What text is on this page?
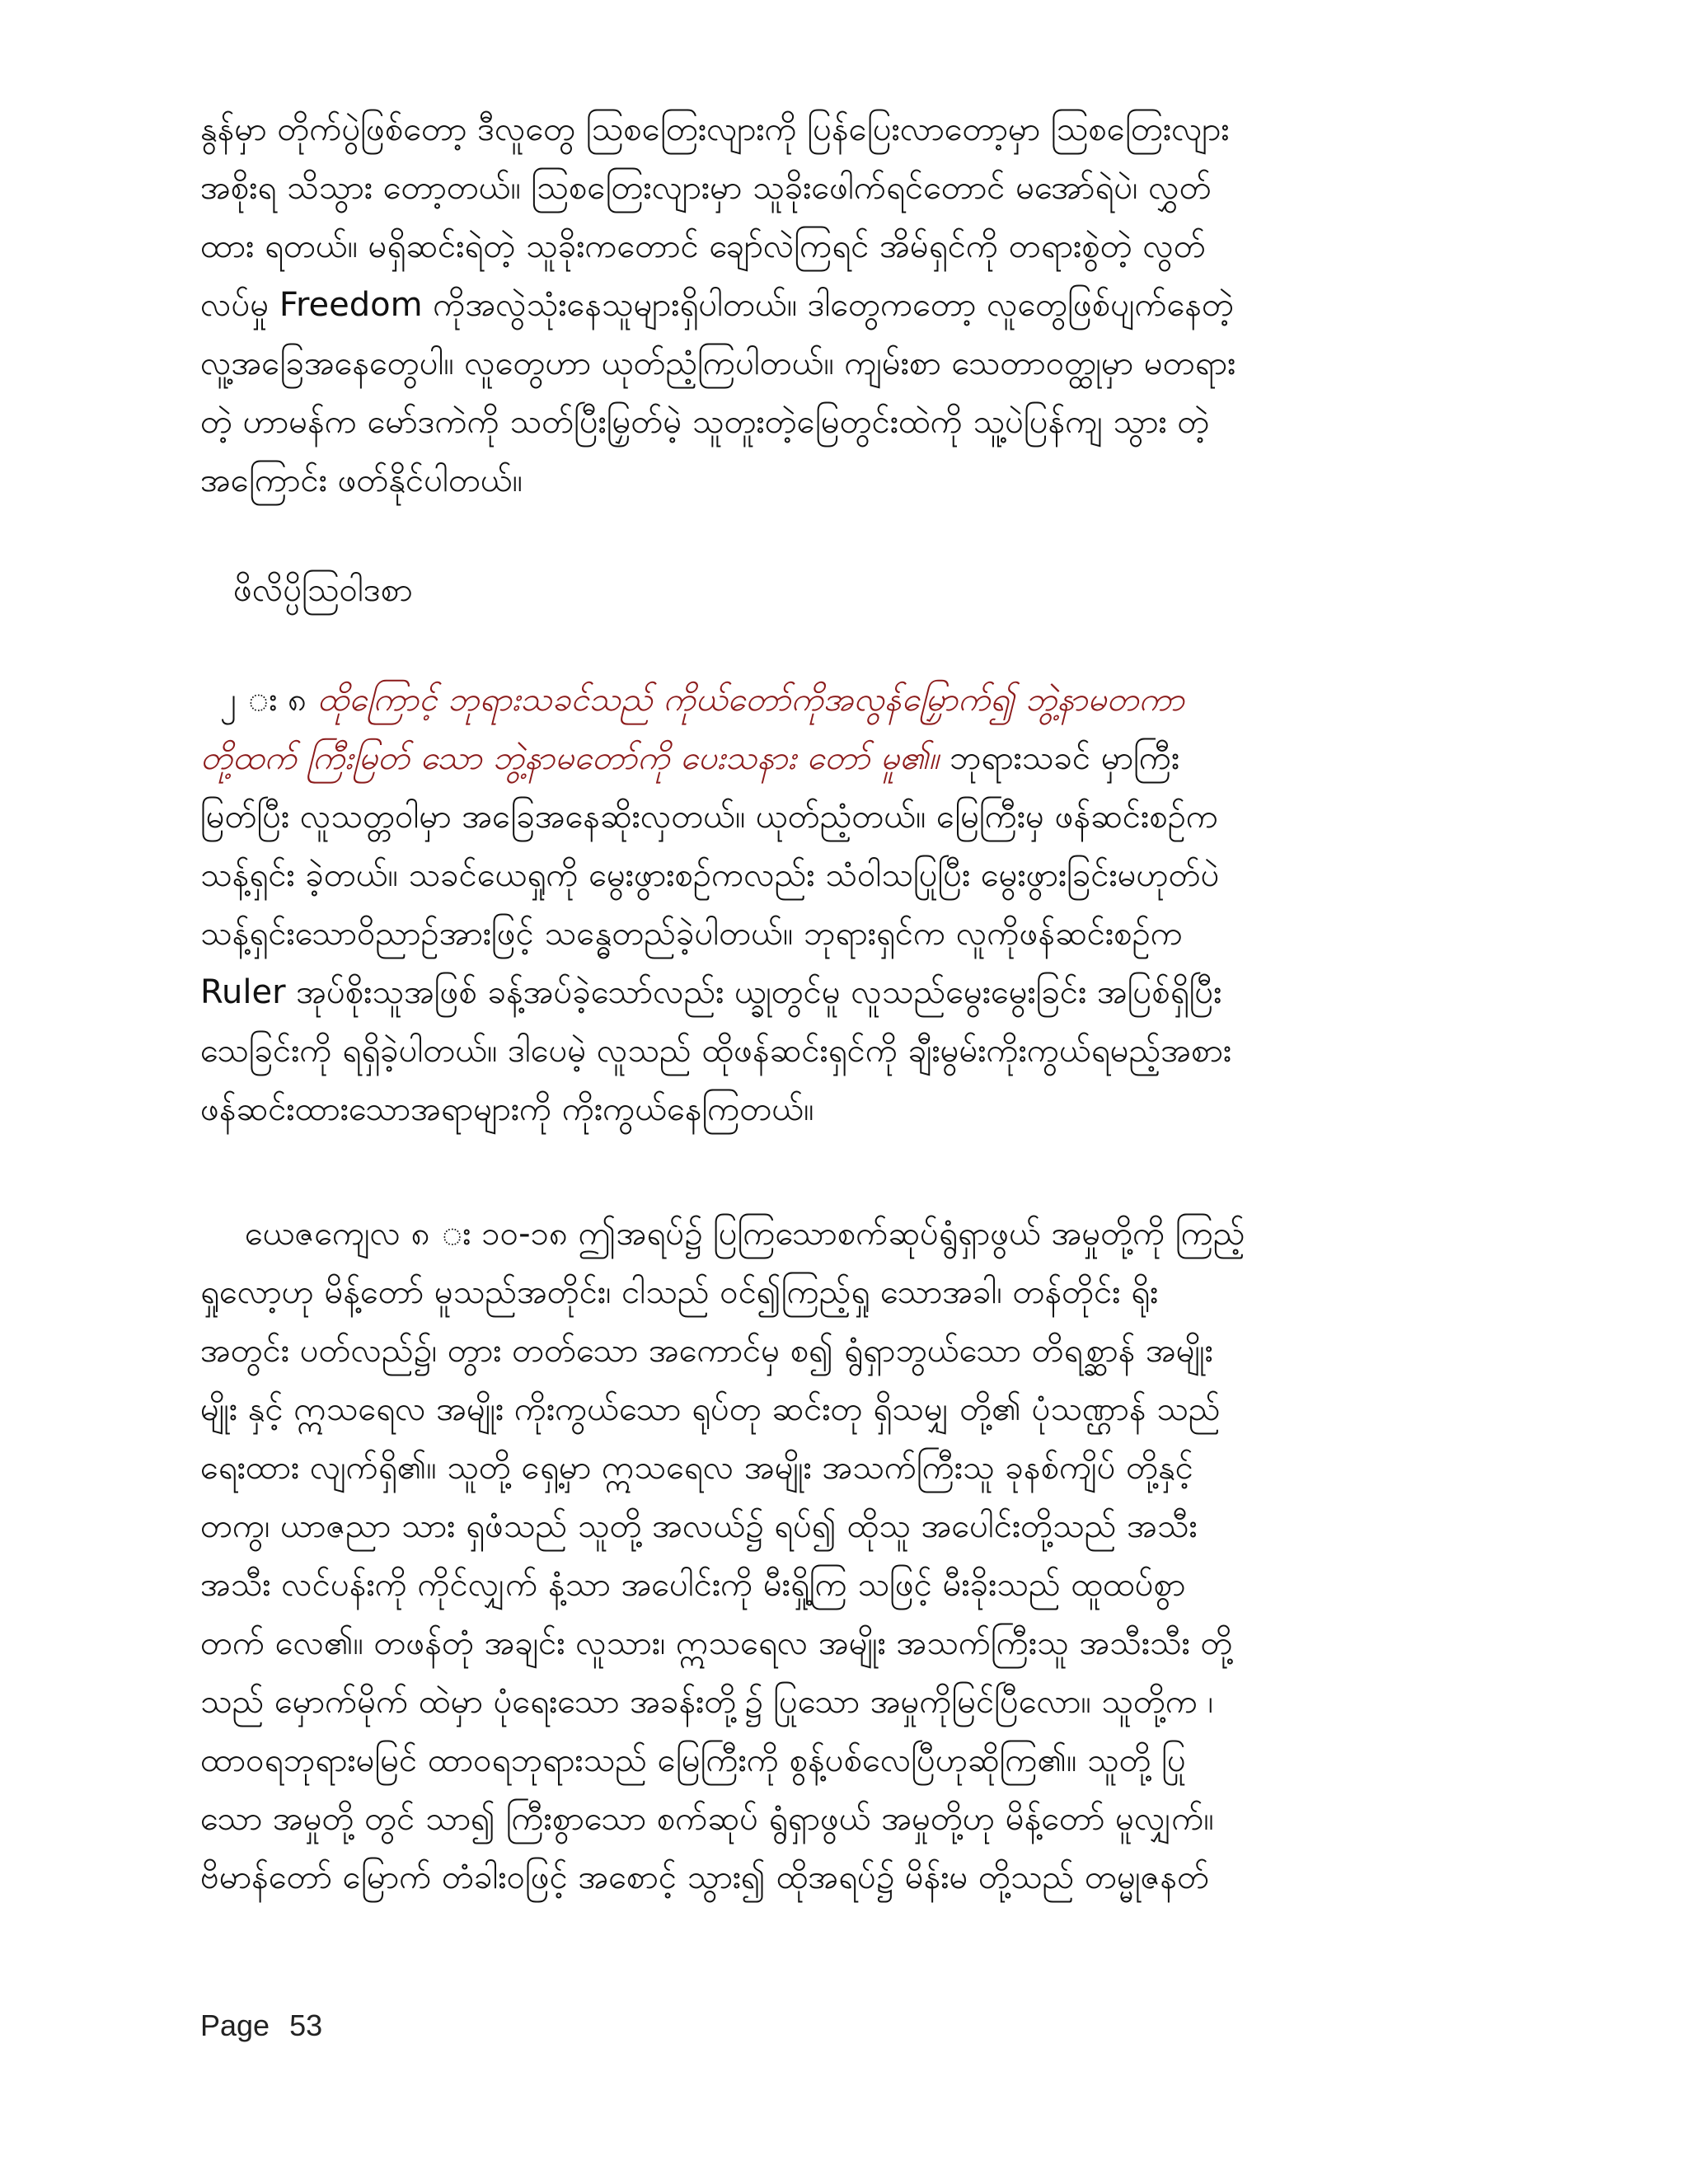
နွန်မှာ တိုက်ပွဲဖြစ်တော့ ဒီလူတွေ ဩစတြေးလျားကို ပြန်ပြေးလာတော့မှာ ဩစတြေးလျား
အစိုးရ သိသွား တော့တယ်။ ဩစတြေးလျားမှာ သူခိုးဖေါက်ရင်တောင် မအော်ရဲပဲ၊ လွှတ်
ထား ရတယ်။ မရှိဆင်းရဲတဲ့ သူခိုးကတောင် ချော်လဲကြရင် အိမ်ရှင်ကို တရားစွဲတဲ့ လွတ်
လပ်မှု Freedom ကိုအလွဲသုံးနေသူများရှိပါတယ်။ ဒါတွေကတော့ လူတွေဖြစ်ပျက်နေတဲ့
လူ့အခြေအနေတွေပါ။ လူတွေဟာ ယုတ်ညံ့ကြပါတယ်။ ကျမ်းစာ သေတာဝတ္ထုမှာ မတရား
တဲ့ ဟာမန်က မော်ဒကဲကို သတ်ပြီးမြှတ်မဲ့ သူတူးတဲ့မြေတွင်းထဲကို သူ့ပဲပြန်ကျ သွား တဲ့
အကြောင်း ဖတ်နိုင်ပါတယ်။

ဖိလိပ္ပိဩဝါဒစာ

၂ း ၈ ထိုကြောင့် ဘုရားသခင်သည် ကိုယ်တော်ကိုအလွန်မြှောက်၍ ဘွဲ့နာမတကာ
တို့ထက် ကြီးမြတ် သော ဘွဲ့နာမတော်ကို ပေးသနား တော် မူ၏။ ဘုရားသခင် မှာကြီး
မြတ်ပြီး လူသတ္တဝါမှာ အခြေအနေဆိုးလှတယ်။ ယုတ်ညံ့တယ်။ မြေကြီးမှ ဖန်ဆင်းစဉ်က
သန့်ရှင်း ခဲ့တယ်။ သခင်ယေရှုကို မွေးဖွားစဉ်ကလည်း သံဝါသပြုပြီး မွေးဖွားခြင်းမဟုတ်ပဲ
သန့်ရှင်းသောဝိညာဉ်အားဖြင့် သန္ဓေတည်ခဲ့ပါတယ်။ ဘုရားရှင်က လူကိုဖန်ဆင်းစဉ်က
Ruler အုပ်စိုးသူအဖြစ် ခန့်အပ်ခဲ့သော်လည်း ယ္ခုတွင်မူ လူသည်မွေးမွေးခြင်း အပြစ်ရှိပြီး
သေခြင်းကို ရရှိခဲ့ပါတယ်။ ဒါပေမဲ့ လူသည် ထိုဖန်ဆင်းရှင်ကို ချီးမွမ်းကိုးကွယ်ရမည့်အစား
ဖန်ဆင်းထားသောအရာများကို ကိုးကွယ်နေကြတယ်။

ယေဇကျေလ ၈ း ၁၀-၁၈ ဤအရပ်၌ ပြကြသောစက်ဆုပ်ရွံရှာဖွယ် အမှုတို့ကို ကြည့်
ရှုလော့ဟု မိန့်တော် မူသည်အတိုင်း၊ ငါသည် ဝင်၍ကြည့်ရှု သောအခါ၊ တန်တိုင်း ရိုး
အတွင်း ပတ်လည်၌၊ တွား တတ်သော အကောင်မှ စ၍ ရွံရှာဘွယ်သော တိရစ္ဆာန် အမျိုး
မျိုး နှင့် ဣသရေလ အမျိုး ကိုးကွယ်သော ရုပ်တု ဆင်းတု ရှိသမျှ တို့၏ ပုံသဏ္ဌာန် သည်
ရေးထား လျက်ရှိ၏။ သူတို့ ရှေ့မှာ ဣသရေလ အမျိုး အသက်ကြီးသူ ခုနစ်ကျိပ် တို့နှင့်
တကွ၊ ယာဇညာ သား ရှဖံသည် သူတို့ အလယ်၌ ရပ်၍ ထိုသူ အပေါင်းတို့သည် အသီး
အသီး လင်ပန်းကို ကိုင်လျှက် နံ့သာ အပေါင်းကို မီးရှို့ကြ သဖြင့် မီးခိုးသည် ထူထပ်စွာ
တက် လေ၏။ တဖန်တုံ အချင်း လူသား၊ ဣသရေလ အမျိုး အသက်ကြီးသူ အသီးသီး တို့
သည် မှောက်မိုက် ထဲမှာ ပုံရေးသော အခန်းတို့၌ ပြုသော အမှုကိုမြင်ပြီလော။ သူတို့က ၊
ထာဝရဘုရားမမြင် ထာဝရဘုရားသည် မြေကြီးကို စွန့်ပစ်လေပြီဟုဆိုကြ၏။ သူတို့ ပြု
သော အမှုတို့ တွင် သာ၍ ကြီးစွာသော စက်ဆုပ် ရွံရှာဖွယ် အမှုတို့ဟု မိန့်တော် မူလျှက်။
ဗိမာန်တော် မြောက် တံခါးဝဖြင့် အစောင့် သွား၍ ထိုအရပ်၌ မိန်းမ တို့သည် တမ္မုဇနတ်

Page 53
